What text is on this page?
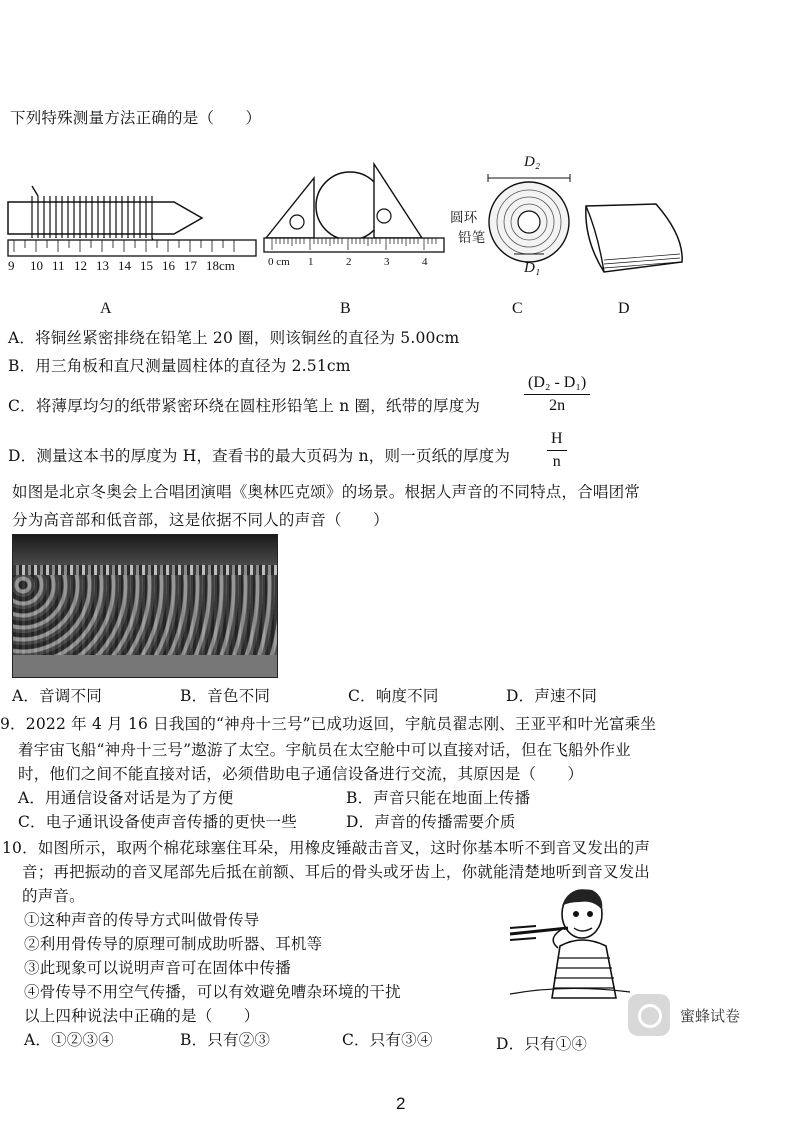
下列特殊测量方法正确的是（　　）
9 10 11 12 13 14 15 16 17 18cm	0 cm 1	2	3	4
D₂
D₁
圆环
铅笔
A	B	C	D
A．将铜丝紧密排绕在铅笔上 20 圈，则该铜丝的直径为 5.00cm
B．用三角板和直尺测量圆柱体的直径为 2.51cm
C．将薄厚均匀的纸带紧密环绕在圆柱形铅笔上 n 圈，纸带的厚度为	$\frac{\text{(D₂ - D₁)}}{2n}$
D．测量这本书的厚度为 H，查看书的最大页码为 n，则一页纸的厚度为 $\frac{H}{n}$
如图是北京冬奥会上合唱团演唱《奥林匹克颂》的场景。根据人声音的不同特点，合唱团常
分为高音部和低音部，这是依据不同人的声音（　　）
A．音调不同	B．音色不同	C．响度不同	D．声速不同
9．2022 年 4 月 16 日我国的“神舟十三号”已成功返回，宇航员翟志刚、王亚平和叶光富乘坐
着宇宙飞船“神舟十三号”遨游了太空。宇航员在太空舱中可以直接对话，但在飞船外作业
时，他们之间不能直接对话，必须借助电子通信设备进行交流，其原因是（　　）
A．用通信设备对话是为了方便	B．声音只能在地面上传播
C．电子通讯设备使声音传播的更快一些	D．声音的传播需要介质
10．如图所示，取两个棉花球塞住耳朵，用橡皮锤敲击音叉，这时你基本听不到音叉发出的声
音；再把振动的音叉尾部先后抵在前额、耳后的骨头或牙齿上，你就能清楚地听到音叉发出
的声音。
①这种声音的传导方式叫做骨传导
②利用骨传导的原理可制成助听器、耳机等
③此现象可以说明声音可在固体中传播
④骨传导不用空气传播，可以有效避免嘈杂环境的干扰
以上四种说法中正确的是（　　）
A．①②③④	B．只有②③	C．只有③④	D．只有①④
蜜蜂试卷
2
